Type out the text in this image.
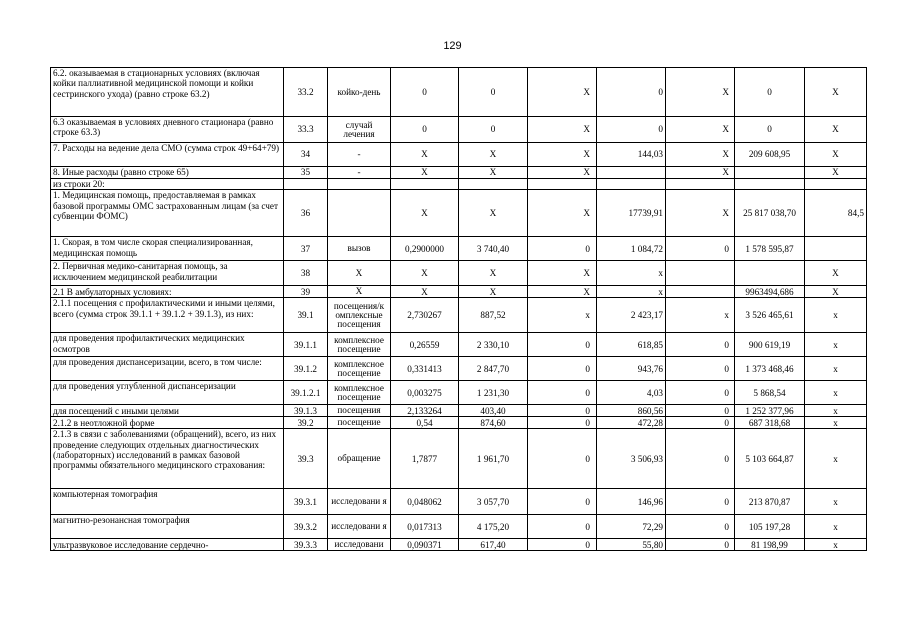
129
6.2. оказываемая в стационарных условиях (включая койки паллиативной медицинской помощи и койки сестринского ухода) (равно строке 63.2)	33.2	койко-день	0	0	X	0	X	0	X
6.3 оказываемая в условиях дневного стационара (равно строке 63.3)	33.3	случай лечения	0	0	X	0	X	0	X
7. Расходы на ведение дела СМО (сумма строк 49+64+79)	34	-	X	X	X	144,03	X	209 608,95	X
8. Иные расходы (равно строке 65)	35	-	X	X	X		X		X
из строки 20:									
1. Медицинская помощь, предоставляемая в рамках базовой программы ОМС застрахованным лицам (за счет субвенции ФОМС)	36		X	X	X	17739,91	X	25 817 038,70	84,5
1. Скорая, в том числе скорая специализированная, медицинская помощь	37	вызов	0,2900000	3 740,40	0	1 084,72	0	1 578 595,87	
2. Первичная медико-санитарная помощь, за исключением медицинской реабилитации	38	X	X	X	X	x			X
2.1 В амбулаторных условиях:	39	X	X	X	X	x		9963494,686	X
2.1.1 посещения с профилактическими и иными целями, всего (сумма строк 39.1.1 + 39.1.2 + 39.1.3), из них:	39.1	посещения/к омплексные посещения	2,730267	887,52	x	2 423,17	x	3 526 465,61	x
для проведения профилактических медицинских осмотров	39.1.1	комплексное посещение	0,26559	2 330,10	0	618,85	0	900 619,19	x
для проведения диспансеризации, всего, в том числе:	39.1.2	комплексное посещение	0,331413	2 847,70	0	943,76	0	1 373 468,46	x
для проведения углубленной диспансеризации	39.1.2.1	комплексное посещение	0,003275	1 231,30	0	4,03	0	5 868,54	x
для посещений с иными целями	39.1.3	посещения	2,133264	403,40	0	860,56	0	1 252 377,96	x
2.1.2 в неотложной форме	39.2	посещение	0,54	874,60	0	472,28	0	687 318,68	x
2.1.3 в связи с заболеваниями (обращений), всего, из них проведение следующих отдельных диагностических (лабораторных) исследований в рамках базовой программы обязательного медицинского страхования:	39.3	обращение	1,7877	1 961,70	0	3 506,93	0	5 103 664,87	x
компьютерная томография	39.3.1	исследовани я	0,048062	3 057,70	0	146,96	0	213 870,87	x
магнитно-резонансная томография	39.3.2	исследовани я	0,017313	4 175,20	0	72,29	0	105 197,28	x
ультразвуковое исследование сердечно-	39.3.3	исследовани	0,090371	617,40	0	55,80	0	81 198,99	x
